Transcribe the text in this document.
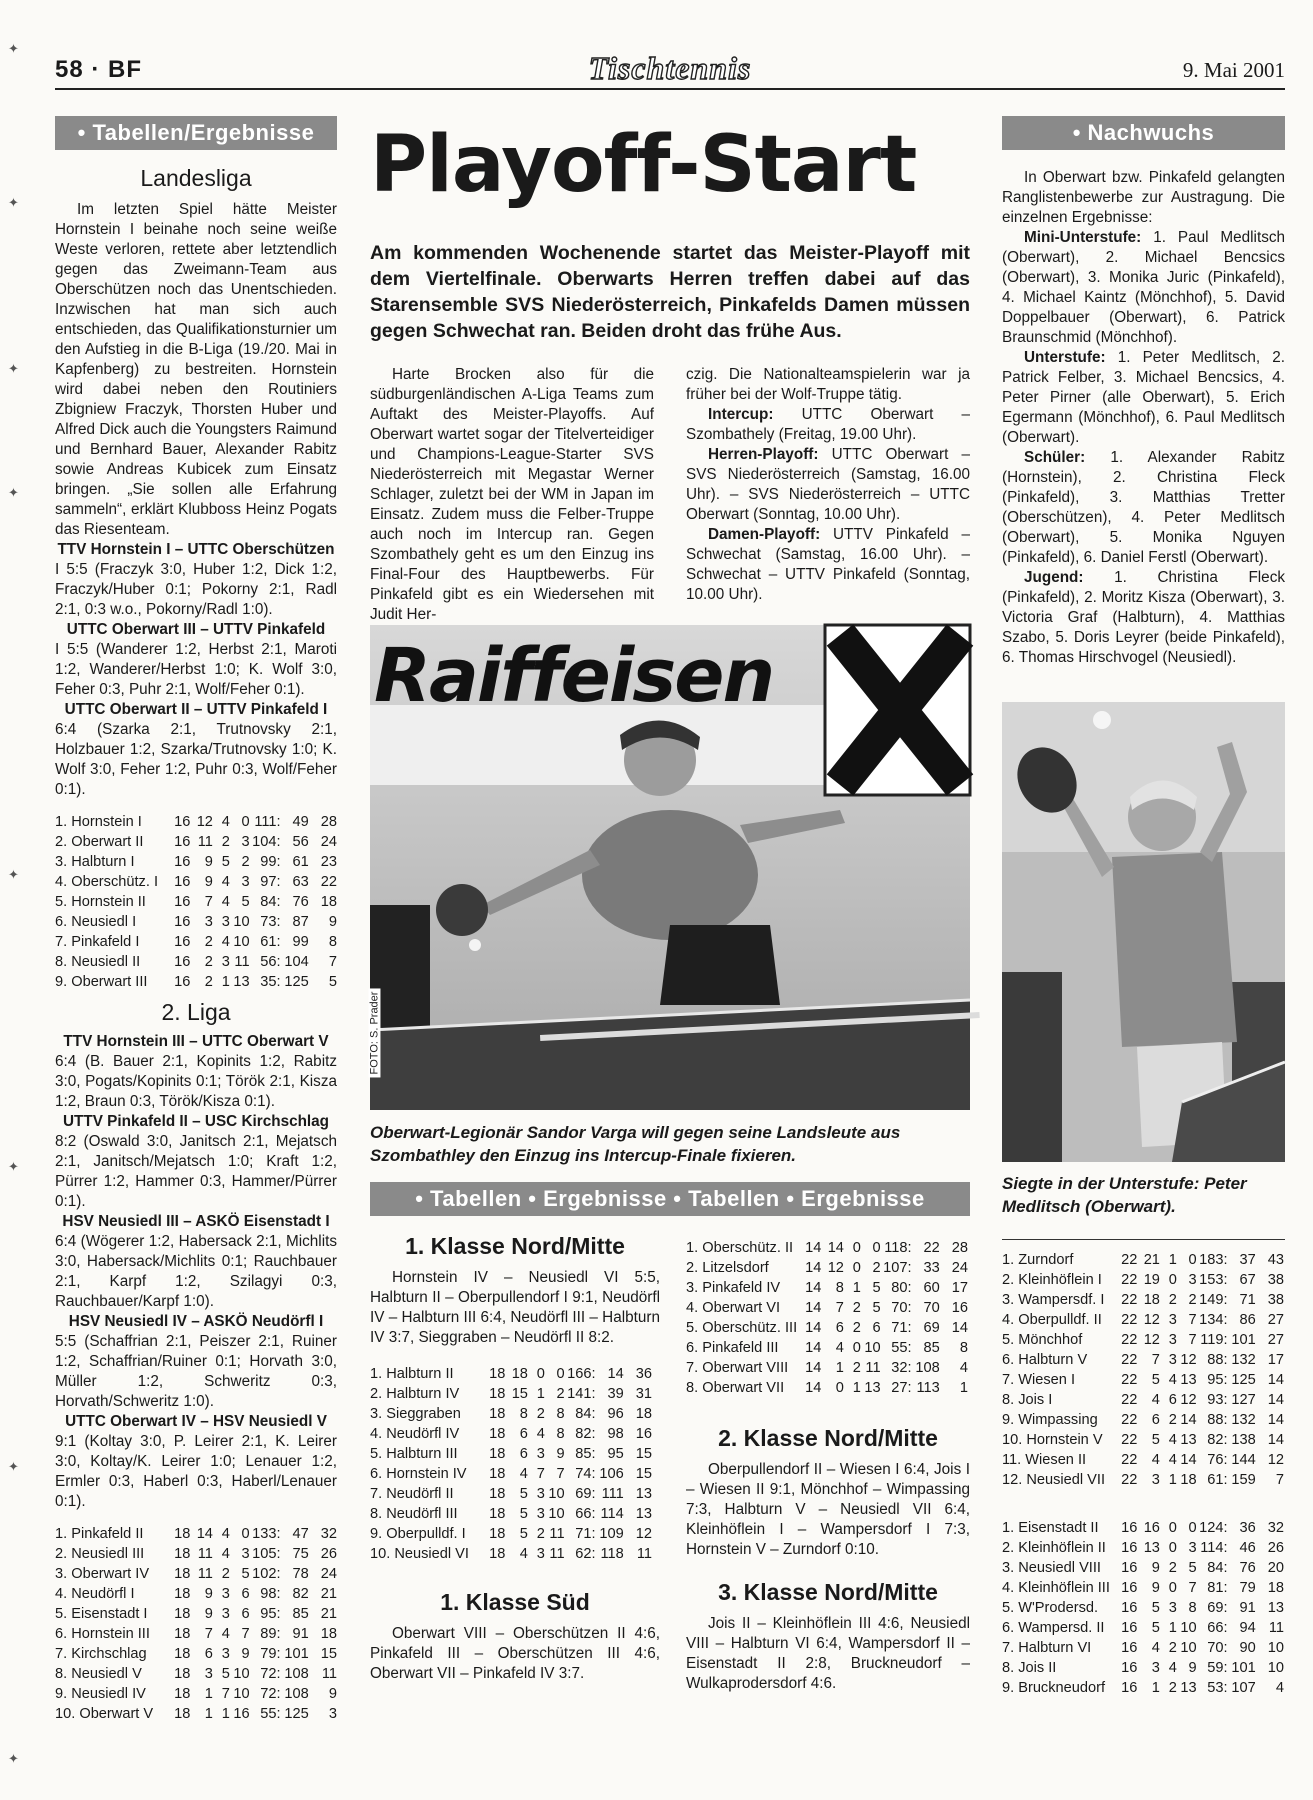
✦
✦
✦
✦
✦
✦
✦
✦
58 · BF	Tischtennis	9. Mai 2001
• Tabellen/Ergebnisse
Landesliga

Im letzten Spiel hätte Meister Hornstein I beinahe noch seine weiße Weste verloren, rettete aber letztendlich gegen das Zweimann-Team aus Oberschützen noch das Unentschieden. Inzwischen hat man sich auch entschieden, das Qualifikationsturnier um den Aufstieg in die B-Liga (19./20. Mai in Kapfenberg) zu bestreiten. Hornstein wird dabei neben den Routiniers Zbigniew Fraczyk, Thorsten Huber und Alfred Dick auch die Youngsters Raimund und Bernhard Bauer, Alexander Rabitz sowie Andreas Kubicek zum Einsatz bringen. „Sie sollen alle Erfahrung sammeln“, erklärt Klubboss Heinz Pogats das Riesenteam.

TTV Hornstein I – UTTC Oberschützen

I 5:5 (Fraczyk 3:0, Huber 1:2, Dick 1:2, Fraczyk/Huber 0:1; Pokorny 2:1, Radl 2:1, 0:3 w.o., Pokorny/Radl 1:0).

UTTC Oberwart III – UTTV Pinkafeld

I 5:5 (Wanderer 1:2, Herbst 2:1, Maroti 1:2, Wanderer/Herbst 1:0; K. Wolf 3:0, Feher 0:3, Puhr 2:1, Wolf/Feher 0:1).

UTTC Oberwart II – UTTV Pinkafeld I

6:4 (Szarka 2:1, Trutnovsky 2:1, Holzbauer 1:2, Szarka/Trutnovsky 1:0; K. Wolf 3:0, Feher 1:2, Puhr 0:3, Wolf/Feher 0:1).

1. Hornstein I	16	12	4	0	111:	49	28
2. Oberwart II	16	11	2	3	104:	56	24
3. Halbturn I	16	9	5	2	99:	61	23
4. Oberschütz. I	16	9	4	3	97:	63	22
5. Hornstein II	16	7	4	5	84:	76	18
6. Neusiedl I	16	3	3	10	73:	87	9
7. Pinkafeld I	16	2	4	10	61:	99	8
8. Neusiedl II	16	2	3	11	56:	104	7
9. Oberwart III	16	2	1	13	35:	125	5
2. Liga
TTV Hornstein III – UTTC Oberwart V

6:4 (B. Bauer 2:1, Kopinits 1:2, Rabitz 3:0, Pogats/Kopinits 0:1; Török 2:1, Kisza 1:2, Braun 0:3, Török/Kisza 0:1).

UTTV Pinkafeld II – USC Kirchschlag

8:2 (Oswald 3:0, Janitsch 2:1, Mejatsch 2:1, Janitsch/Mejatsch 1:0; Kraft 1:2, Pürrer 1:2, Hammer 0:3, Hammer/Pürrer 0:1).

HSV Neusiedl III – ASKÖ Eisenstadt I

6:4 (Wögerer 1:2, Habersack 2:1, Michlits 3:0, Habersack/Michlits 0:1; Rauchbauer 2:1, Karpf 1:2, Szilagyi 0:3, Rauchbauer/Karpf 1:0).

HSV Neusiedl IV – ASKÖ Neudörfl I

5:5 (Schaffrian 2:1, Peiszer 2:1, Ruiner 1:2, Schaffrian/Ruiner 0:1; Horvath 3:0, Müller 1:2, Schweritz 0:3, Horvath/Schweritz 1:0).

UTTC Oberwart IV – HSV Neusiedl V

9:1 (Koltay 3:0, P. Leirer 2:1, K. Leirer 3:0, Koltay/K. Leirer 1:0; Lenauer 1:2, Ermler 0:3, Haberl 0:3, Haberl/Lenauer 0:1).

1. Pinkafeld II	18	14	4	0	133:	47	32
2. Neusiedl III	18	11	4	3	105:	75	26
3. Oberwart IV	18	11	2	5	102:	78	24
4. Neudörfl I	18	9	3	6	98:	82	21
5. Eisenstadt I	18	9	3	6	95:	85	21
6. Hornstein III	18	7	4	7	89:	91	18
7. Kirchschlag	18	6	3	9	79:	101	15
8. Neusiedl V	18	3	5	10	72:	108	11
9. Neusiedl IV	18	1	7	10	72:	108	9
10. Oberwart V	18	1	1	16	55:	125	3
Playoff-Start
Am kommenden Wochenende startet das Meister-Playoff mit dem Viertelfinale. Oberwarts Herren treffen dabei auf das Starensemble SVS Niederösterreich, Pinkafelds Damen müssen gegen Schwechat ran. Beiden droht das frühe Aus.

Harte Brocken also für die südburgenländischen A-Liga Teams zum Auftakt des Meister-Playoffs. Auf Oberwart wartet sogar der Titelverteidiger und Champions-League-Starter SVS Niederösterreich mit Megastar Werner Schlager, zuletzt bei der WM in Japan im Einsatz. Zudem muss die Felber-Truppe auch noch im Intercup ran. Gegen Szombathely geht es um den Einzug ins Final-Four des Hauptbewerbs. Für Pinkafeld gibt es ein Wiedersehen mit Judit Her-

czig. Die Nationalteamspielerin war ja früher bei der Wolf-Truppe tätig.

Intercup: UTTC Oberwart – Szombathely (Freitag, 19.00 Uhr).

Herren-Playoff: UTTC Oberwart – SVS Niederösterreich (Samstag, 16.00 Uhr). – SVS Niederösterreich – UTTC Oberwart (Sonntag, 10.00 Uhr).

Damen-Playoff: UTTV Pinkafeld – Schwechat (Samstag, 16.00 Uhr). – Schwechat – UTTV Pinkafeld (Sonntag, 10.00 Uhr).

Raiffeisen
FOTO: S. Prader
Oberwart-Legionär Sandor Varga will gegen seine Landsleute aus Szombathley den Einzug ins Intercup-Finale fixieren.
• Tabellen • Ergebnisse • Tabellen • Ergebnisse
1. Klasse Nord/Mitte

Hornstein IV – Neusiedl VI 5:5, Halbturn II – Oberpullendorf I 9:1, Neudörfl IV – Halbturn III 6:4, Neudörfl III – Halbturn IV 3:7, Sieggraben – Neudörfl II 8:2.

1. Halbturn II	18	18	0	0	166:	14	36
2. Halbturn IV	18	15	1	2	141:	39	31
3. Sieggraben	18	8	2	8	84:	96	18
4. Neudörfl IV	18	6	4	8	82:	98	16
5. Halbturn III	18	6	3	9	85:	95	15
6. Hornstein IV	18	4	7	7	74:	106	15
7. Neudörfl II	18	5	3	10	69:	111	13
8. Neudörfl III	18	5	3	10	66:	114	13
9. Oberpulldf. I	18	5	2	11	71:	109	12
10. Neusiedl VI	18	4	3	11	62:	118	11
1. Klasse Süd

Oberwart VIII – Oberschützen II 4:6, Pinkafeld III – Oberschützen III 4:6, Oberwart VII – Pinkafeld IV 3:7.

1. Oberschütz. II	14	14	0	0	118:	22	28
2. Litzelsdorf	14	12	0	2	107:	33	24
3. Pinkafeld IV	14	8	1	5	80:	60	17
4. Oberwart VI	14	7	2	5	70:	70	16
5. Oberschütz. III	14	6	2	6	71:	69	14
6. Pinkafeld III	14	4	0	10	55:	85	8
7. Oberwart VIII	14	1	2	11	32:	108	4
8. Oberwart VII	14	0	1	13	27:	113	1
2. Klasse Nord/Mitte

Oberpullendorf II – Wiesen I 6:4, Jois I – Wiesen II 9:1, Mönchhof – Wimpassing 7:3, Halbturn V – Neusiedl VII 6:4, Kleinhöflein I – Wampersdorf I 7:3, Hornstein V – Zurndorf 0:10.

3. Klasse Nord/Mitte

Jois II – Kleinhöflein III 4:6, Neusiedl VIII – Halbturn VI 6:4, Wampersdorf II – Eisenstadt II 2:8, Bruckneudorf – Wulkaprodersdorf 4:6.

• Nachwuchs

In Oberwart bzw. Pinkafeld gelangten Ranglistenbewerbe zur Austragung. Die einzelnen Ergebnisse:

Mini-Unterstufe: 1. Paul Medlitsch (Oberwart), 2. Michael Bencsics (Oberwart), 3. Monika Juric (Pinkafeld), 4. Michael Kaintz (Mönchhof), 5. David Doppelbauer (Oberwart), 6. Patrick Braunschmid (Mönchhof).

Unterstufe: 1. Peter Medlitsch, 2. Patrick Felber, 3. Michael Bencsics, 4. Peter Pirner (alle Oberwart), 5. Erich Egermann (Mönchhof), 6. Paul Medlitsch (Oberwart).

Schüler: 1. Alexander Rabitz (Hornstein), 2. Christina Fleck (Pinkafeld), 3. Matthias Tretter (Oberschützen), 4. Peter Medlitsch (Oberwart), 5. Monika Nguyen (Pinkafeld), 6. Daniel Ferstl (Oberwart).

Jugend: 1. Christina Fleck (Pinkafeld), 2. Moritz Kisza (Oberwart), 3. Victoria Graf (Halbturn), 4. Matthias Szabo, 5. Doris Leyrer (beide Pinkafeld), 6. Thomas Hirschvogel (Neusiedl).

Siegte in der Unterstufe: Peter Medlitsch (Oberwart).
1. Zurndorf	22	21	1	0	183:	37	43
2. Kleinhöflein I	22	19	0	3	153:	67	38
3. Wampersdf. I	22	18	2	2	149:	71	38
4. Oberpulldf. II	22	12	3	7	134:	86	27
5. Mönchhof	22	12	3	7	119:	101	27
6. Halbturn V	22	7	3	12	88:	132	17
7. Wiesen I	22	5	4	13	95:	125	14
8. Jois I	22	4	6	12	93:	127	14
9. Wimpassing	22	6	2	14	88:	132	14
10. Hornstein V	22	5	4	13	82:	138	14
11. Wiesen II	22	4	4	14	76:	144	12
12. Neusiedl VII	22	3	1	18	61:	159	7
1. Eisenstadt II	16	16	0	0	124:	36	32
2. Kleinhöflein II	16	13	0	3	114:	46	26
3. Neusiedl VIII	16	9	2	5	84:	76	20
4. Kleinhöflein III	16	9	0	7	81:	79	18
5. W'Prodersd.	16	5	3	8	69:	91	13
6. Wampersd. II	16	5	1	10	66:	94	11
7. Halbturn VI	16	4	2	10	70:	90	10
8. Jois II	16	3	4	9	59:	101	10
9. Bruckneudorf	16	1	2	13	53:	107	4
